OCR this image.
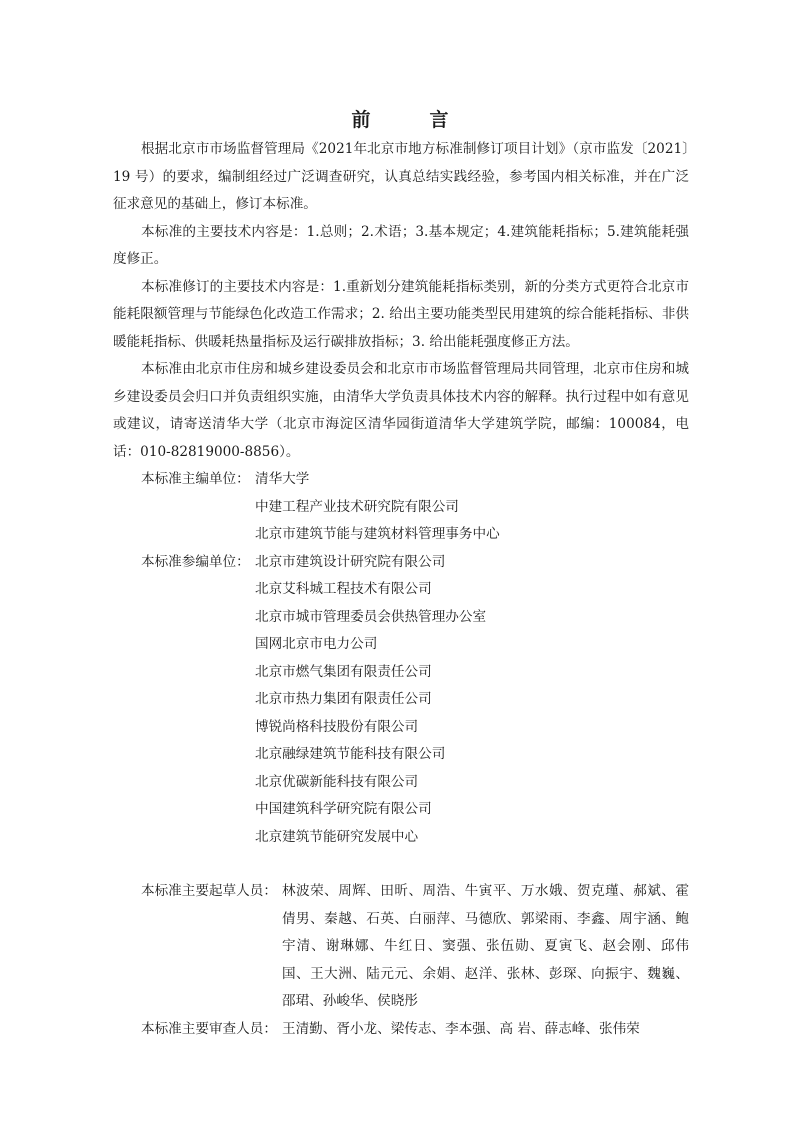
前　言

根据北京市市场监督管理局《2021年北京市地方标准制修订项目计划》（京市监发〔2021〕19 号）的要求，编制组经过广泛调查研究，认真总结实践经验，参考国内相关标准，并在广泛征求意见的基础上，修订本标准。

本标准的主要技术内容是：1.总则；2.术语；3.基本规定；4.建筑能耗指标；5.建筑能耗强度修正。

本标准修订的主要技术内容是：1.重新划分建筑能耗指标类别，新的分类方式更符合北京市能耗限额管理与节能绿色化改造工作需求；2. 给出主要功能类型民用建筑的综合能耗指标、非供暖能耗指标、供暖耗热量指标及运行碳排放指标；3. 给出能耗强度修正方法。

本标准由北京市住房和城乡建设委员会和北京市市场监督管理局共同管理，北京市住房和城乡建设委员会归口并负责组织实施，由清华大学负责具体技术内容的解释。执行过程中如有意见或建议，请寄送清华大学（北京市海淀区清华园街道清华大学建筑学院，邮编：100084，电话：010-82819000-8856）。

本标准主编单位： 清华大学
中建工程产业技术研究院有限公司
北京市建筑节能与建筑材料管理事务中心
本标准参编单位： 北京市建筑设计研究院有限公司
北京艾科城工程技术有限公司
北京市城市管理委员会供热管理办公室
国网北京市电力公司
北京市燃气集团有限责任公司
北京市热力集团有限责任公司
博锐尚格科技股份有限公司
北京融绿建筑节能科技有限公司
北京优碳新能科技有限公司
中国建筑科学研究院有限公司
北京建筑节能研究发展中心
本标准主要起草人员： 林波荣、周辉、田昕、周浩、牛寅平、万水娥、贺克瑾、郝斌、霍倩男、秦越、石英、白丽萍、马德欣、郭梁雨、李鑫、周宇涵、鲍宇清、谢琳娜、牛红日、窦强、张伍勋、夏寅飞、赵会刚、邱伟国、王大洲、陆元元、余娟、赵洋、张林、彭琛、向振宇、魏巍、邵珺、孙峻华、侯晓彤
本标准主要审查人员： 王清勤、胥小龙、梁传志、李本强、高 岩、薛志峰、张伟荣
